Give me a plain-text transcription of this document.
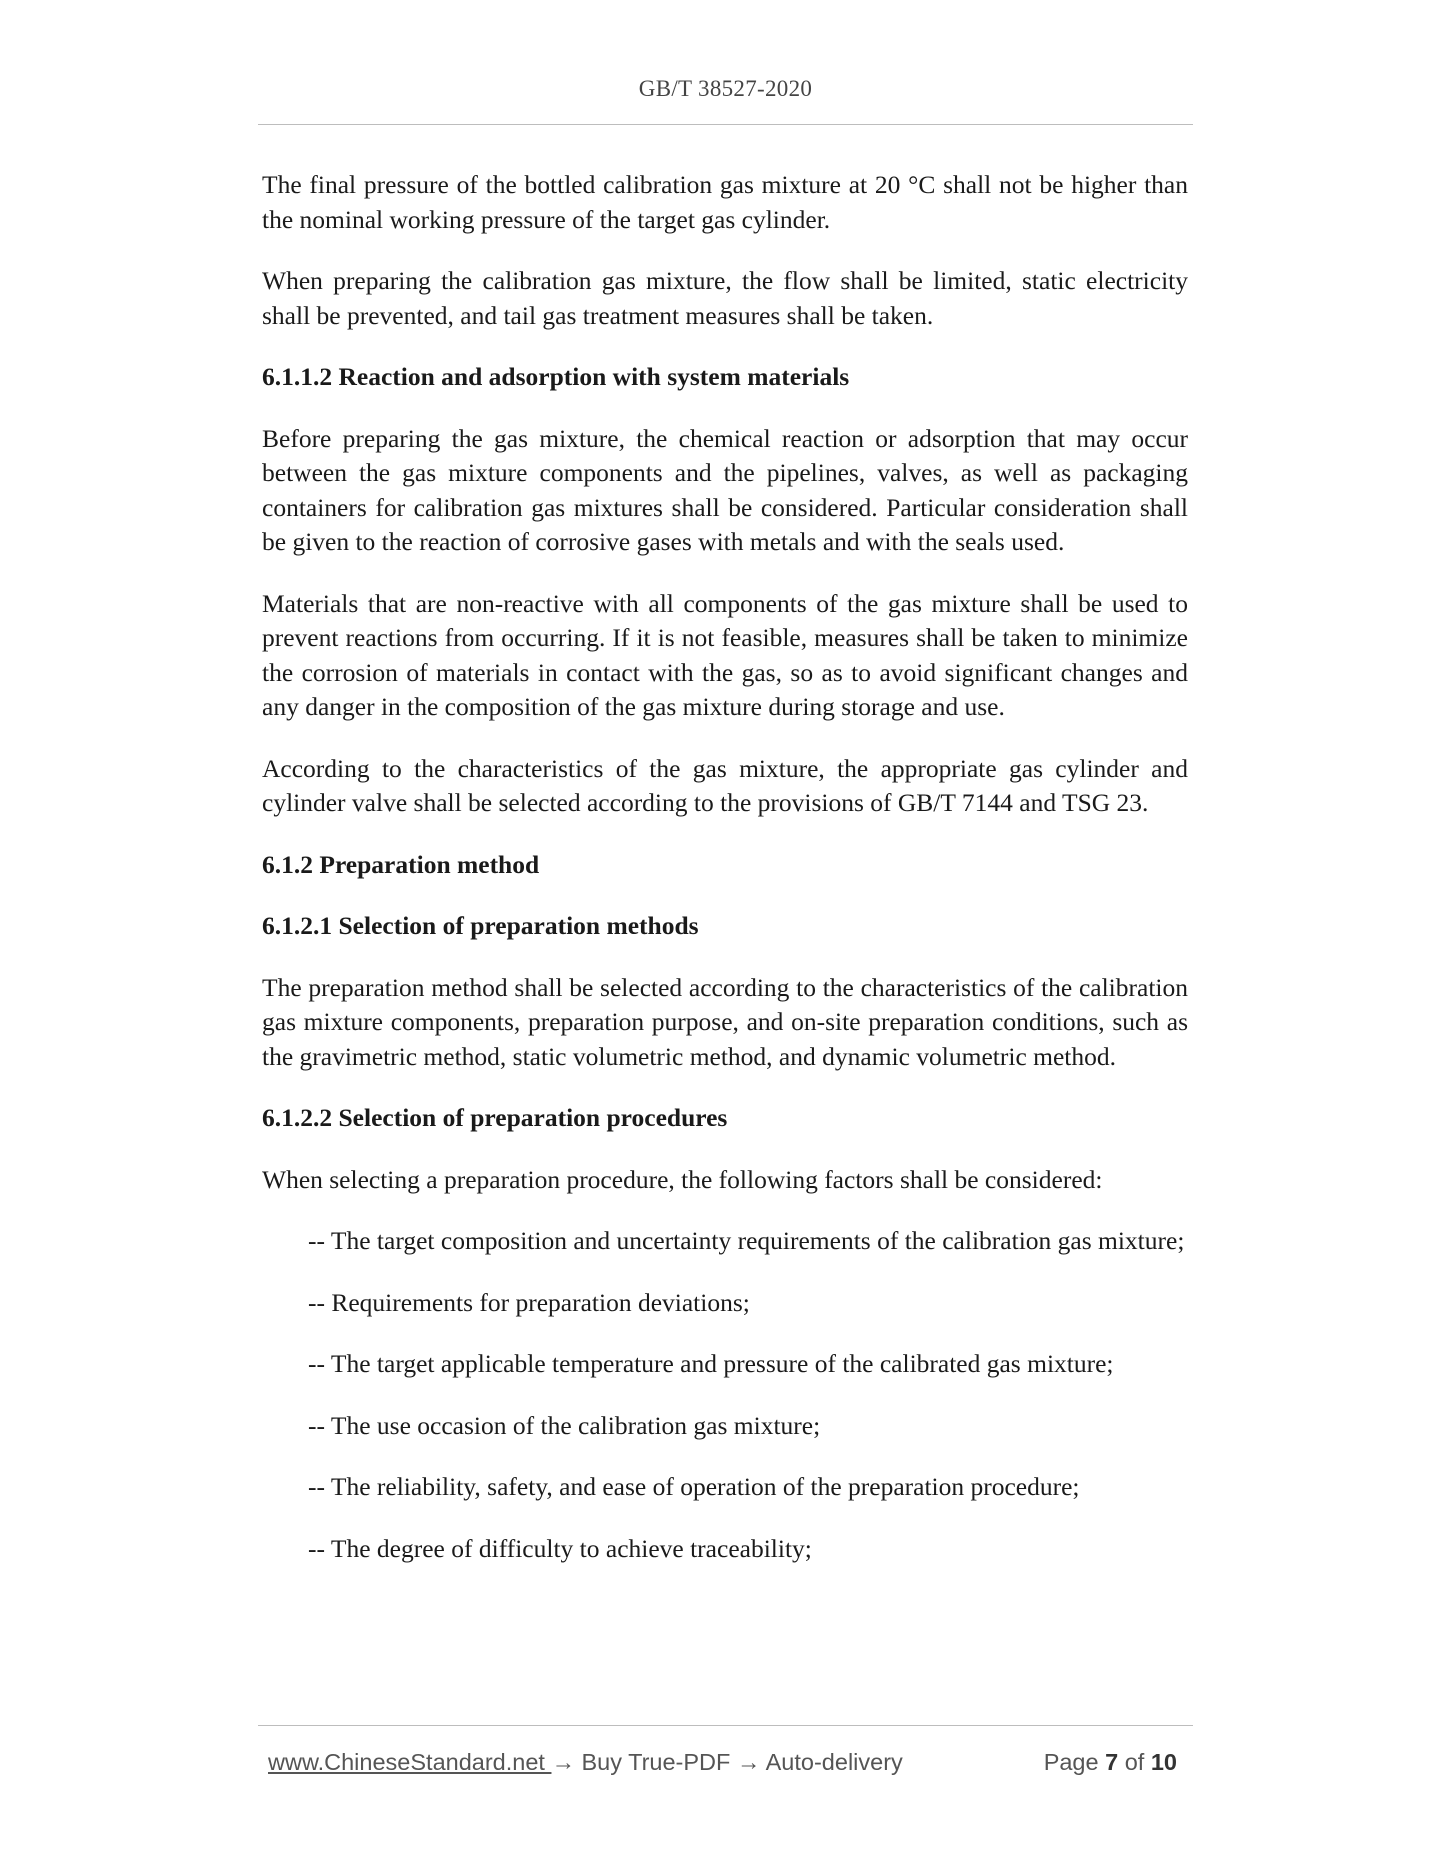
GB/T 38527-2020

The final pressure of the bottled calibration gas mixture at 20 °C shall not be higher than the nominal working pressure of the target gas cylinder.

When preparing the calibration gas mixture, the flow shall be limited, static electricity shall be prevented, and tail gas treatment measures shall be taken.

6.1.1.2 Reaction and adsorption with system materials

Before preparing the gas mixture, the chemical reaction or adsorption that may occur between the gas mixture components and the pipelines, valves, as well as packaging containers for calibration gas mixtures shall be considered. Particular consideration shall be given to the reaction of corrosive gases with metals and with the seals used.

Materials that are non-reactive with all components of the gas mixture shall be used to prevent reactions from occurring. If it is not feasible, measures shall be taken to minimize the corrosion of materials in contact with the gas, so as to avoid significant changes and any danger in the composition of the gas mixture during storage and use.

According to the characteristics of the gas mixture, the appropriate gas cylinder and cylinder valve shall be selected according to the provisions of GB/T 7144 and TSG 23.

6.1.2 Preparation method

6.1.2.1 Selection of preparation methods

The preparation method shall be selected according to the characteristics of the calibration gas mixture components, preparation purpose, and on-site preparation conditions, such as the gravimetric method, static volumetric method, and dynamic volumetric method.

6.1.2.2 Selection of preparation procedures

When selecting a preparation procedure, the following factors shall be considered:

-- The target composition and uncertainty requirements of the calibration gas mixture;

-- Requirements for preparation deviations;

-- The target applicable temperature and pressure of the calibrated gas mixture;

-- The use occasion of the calibration gas mixture;

-- The reliability, safety, and ease of operation of the preparation procedure;

-- The degree of difficulty to achieve traceability;

www.ChineseStandard.net → Buy True-PDF → Auto-delivery	Page 7 of 10
